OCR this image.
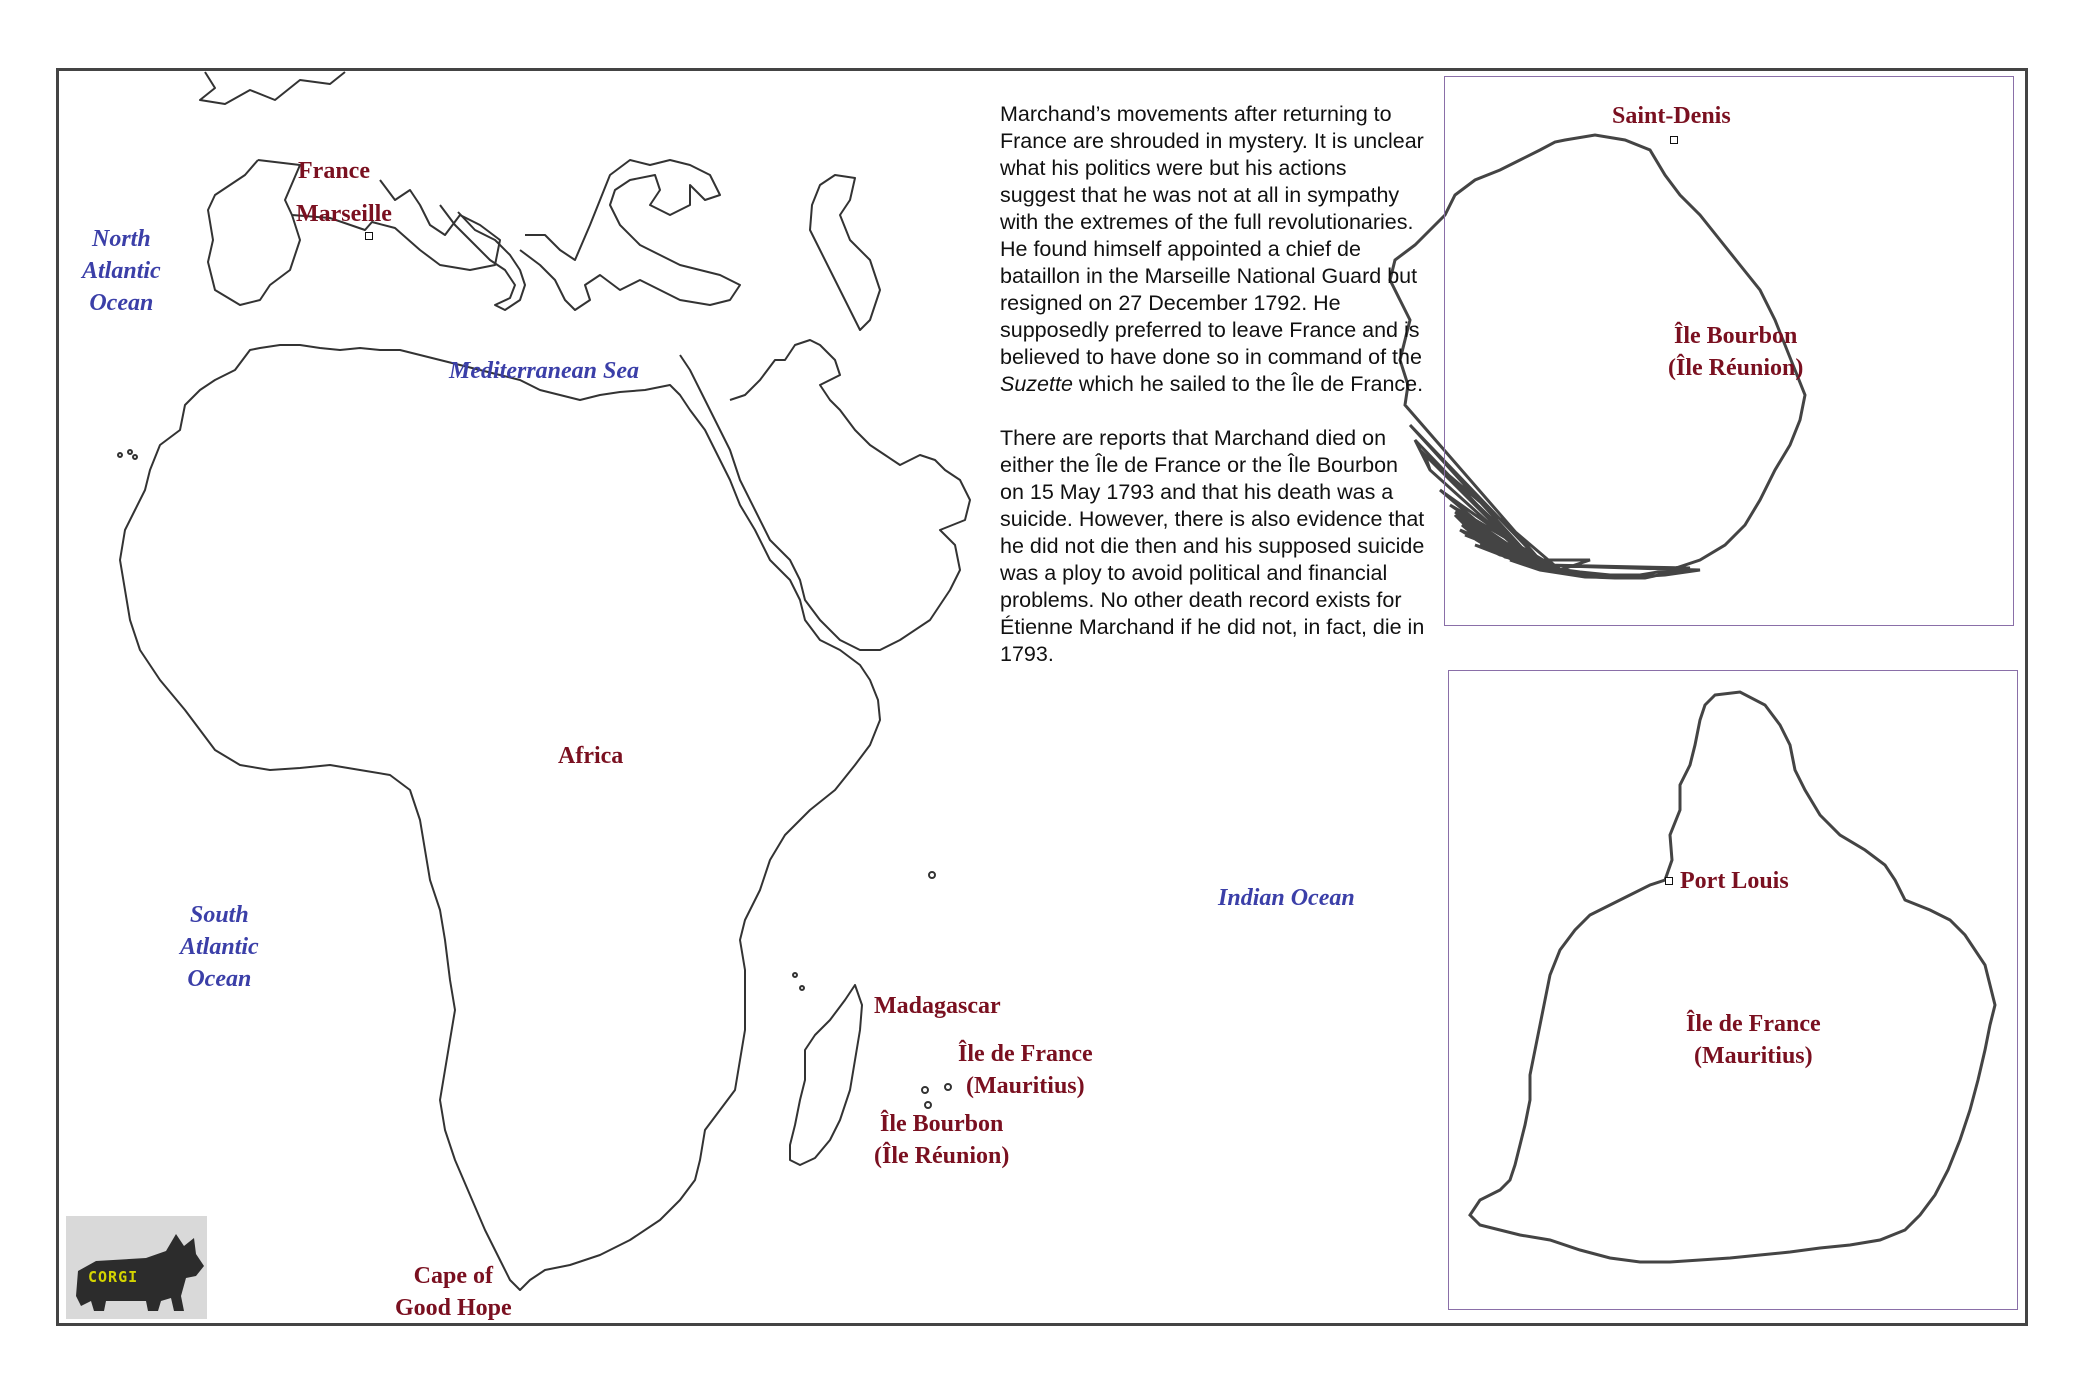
CORGI
France
Marseille
Africa
Madagascar
Île de France
(Mauritius)
Île Bourbon
(Île Réunion)
Cape of
Good Hope
North
Atlantic
Ocean
Mediterranean Sea
South
Atlantic
Ocean
Indian Ocean

Marchand’s movements after returning to France are shrouded in mystery. It is unclear what his politics were but his actions suggest that he was not at all in sympathy with the extremes of the full revolutionaries. He found himself appointed a chief de bataillon in the Marseille National Guard but resigned on 27 December 1792. He supposedly preferred to leave France and is believed to have done so in command of the Suzette which he sailed to the Île de France.

There are reports that Marchand died on either the Île de France or the Île Bourbon on 15 May 1793 and that his death was a suicide. However, there is also evidence that he did not die then and his supposed suicide was a ploy to avoid political and financial problems. No other death record exists for Étienne Marchand if he did not, in fact, die in 1793.

Saint-Denis
Île Bourbon
(Île Réunion)
Port Louis
Île de France
(Mauritius)
